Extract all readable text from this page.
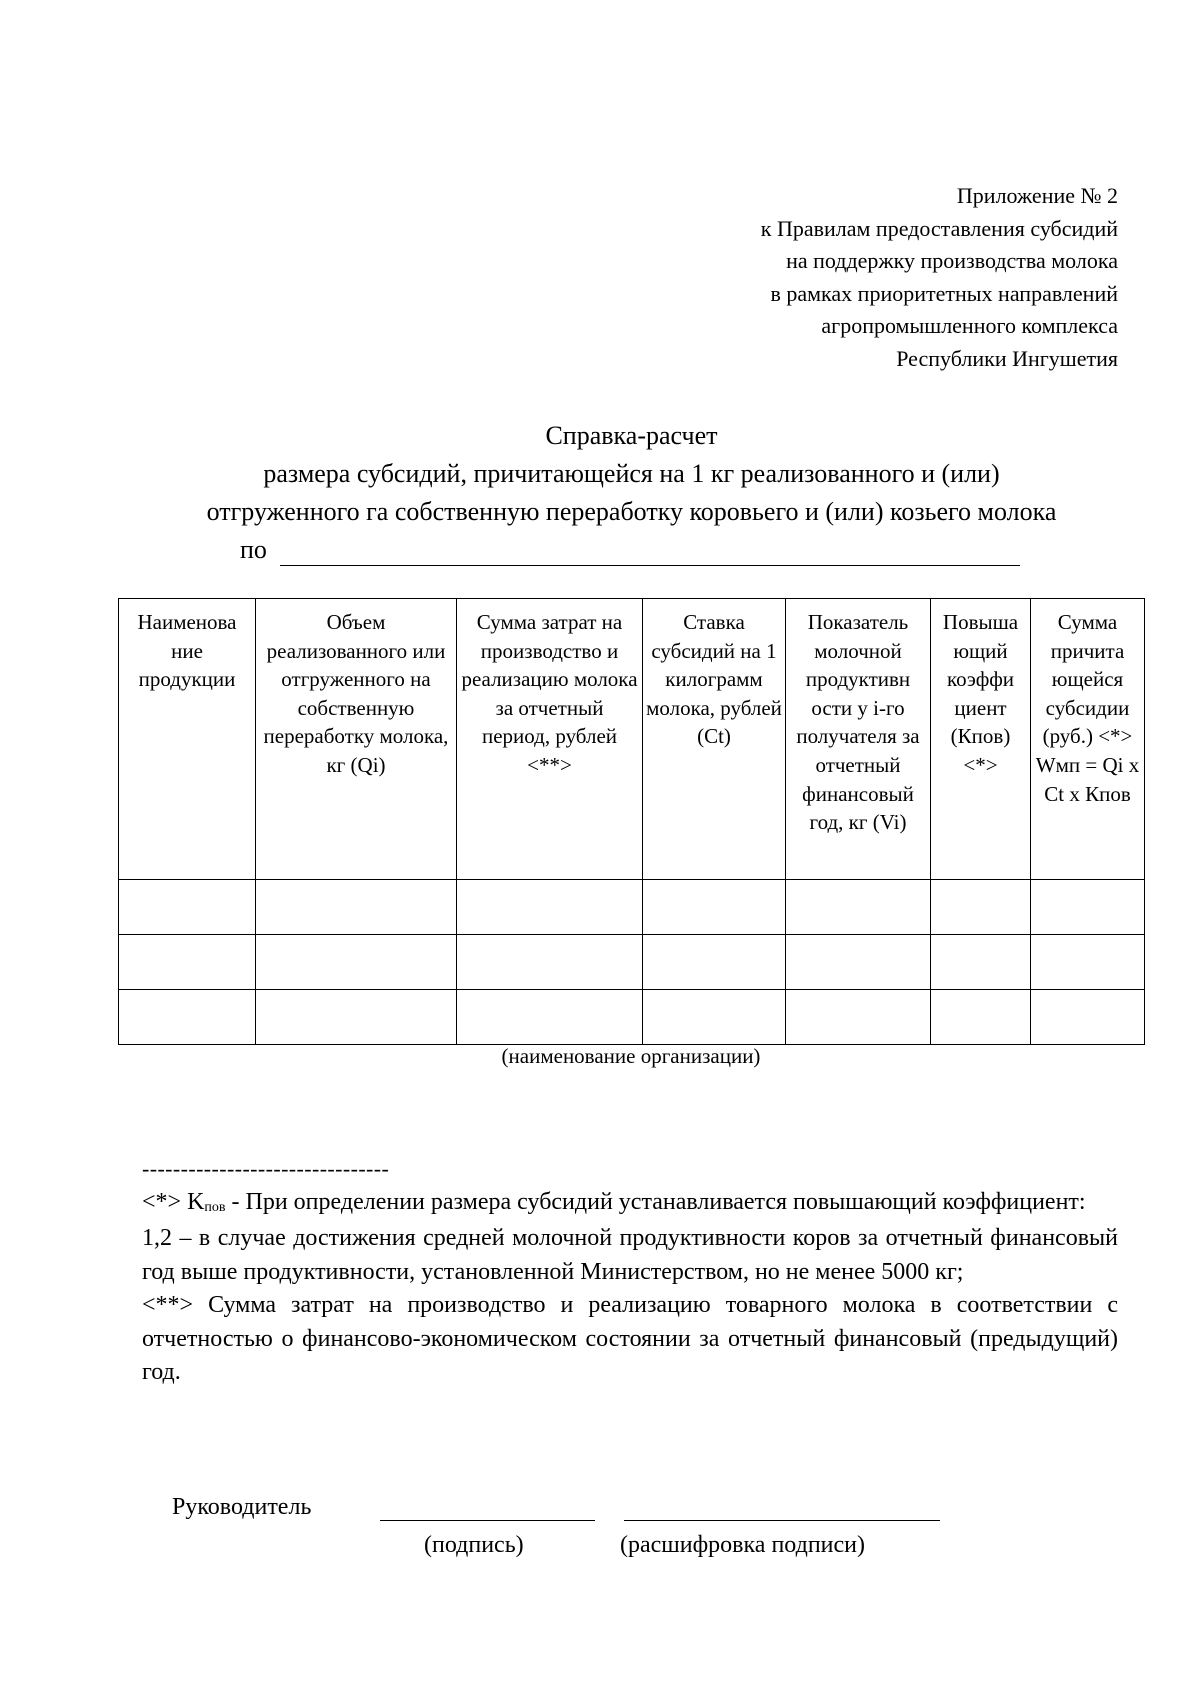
Приложение № 2
к Правилам предоставления субсидий
на поддержку производства молока
в рамках приоритетных направлений
агропромышленного комплекса
Республики Ингушетия
Справка-расчет
размера субсидий, причитающейся на 1 кг реализованного и (или)
отгруженного га собственную переработку коровьего и (или) козьего молока
по
Наименова ние продукции	Объем реализованного или отгруженного на собственную переработку молока, кг (Qi)	Сумма затрат на производство и реализацию молока за отчетный период, рублей <**>	Ставка субсидий на 1 килограмм молока, рублей (Ct)	Показатель молочной продуктивн ости у i-го получателя за отчетный финансовый год, кг (Vi)	Повыша ющий коэффи циент (Кпов) <*>	Сумма причита ющейся субсидии (руб.) <*> Wмп = Qi x Ct x Кпов

(наименование организации)
--------------------------------

<*> $K_{пов}$ - При определении размера субсидий устанавливается повышающий коэффициент:

1,2 – в случае достижения средней молочной продуктивности коров за отчетный финансовый год выше продуктивности, установленной Министерством, но не менее 5000 кг;

<**> Сумма затрат на производство и реализацию товарного молока в соответствии с отчетностью о финансово-экономическом состоянии за отчетный финансовый (предыдущий) год.

Руководитель
(подпись)	(расшифровка подписи)
